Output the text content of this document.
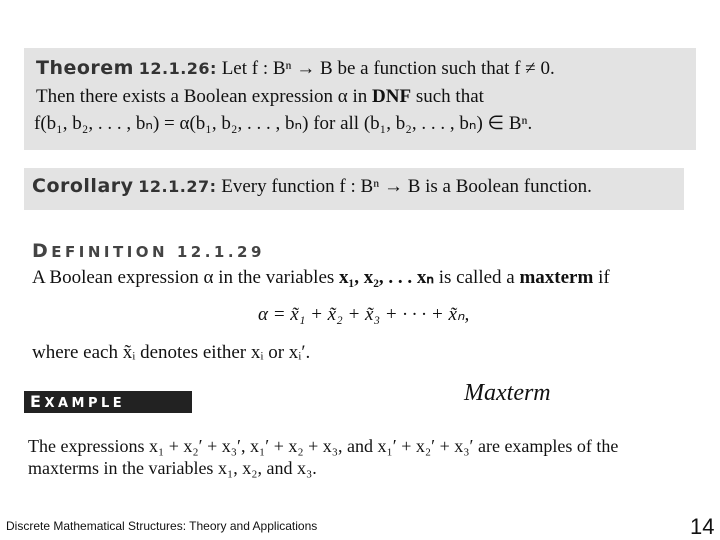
Theorem 12.1.26: Let f : Bⁿ → B be a function such that f ≠ 0.
Then there exists a Boolean expression α in DNF such that
f(b₁, b₂, . . . , bₙ) = α(b₁, b₂, . . . , bₙ) for all (b₁, b₂, . . . , bₙ) ∈ Bⁿ.
Corollary 12.1.27: Every function f : Bⁿ → B is a Boolean function.
DEFINITION 12.1.29
A Boolean expression α in the variables x₁, x₂, . . . xₙ is called a maxterm if
α = x̃₁ + x̃₂ + x̃₃ + · · · + x̃ₙ,
where each x̃ᵢ denotes either xᵢ or xᵢ′.
EXAMPLE 12.1.30
Maxterm
The expressions x₁ + x₂′ + x₃′, x₁′ + x₂ + x₃, and x₁′ + x₂′ + x₃′ are examples of the
maxterms in the variables x₁, x₂, and x₃.
Discrete Mathematical Structures: Theory and Applications	14
